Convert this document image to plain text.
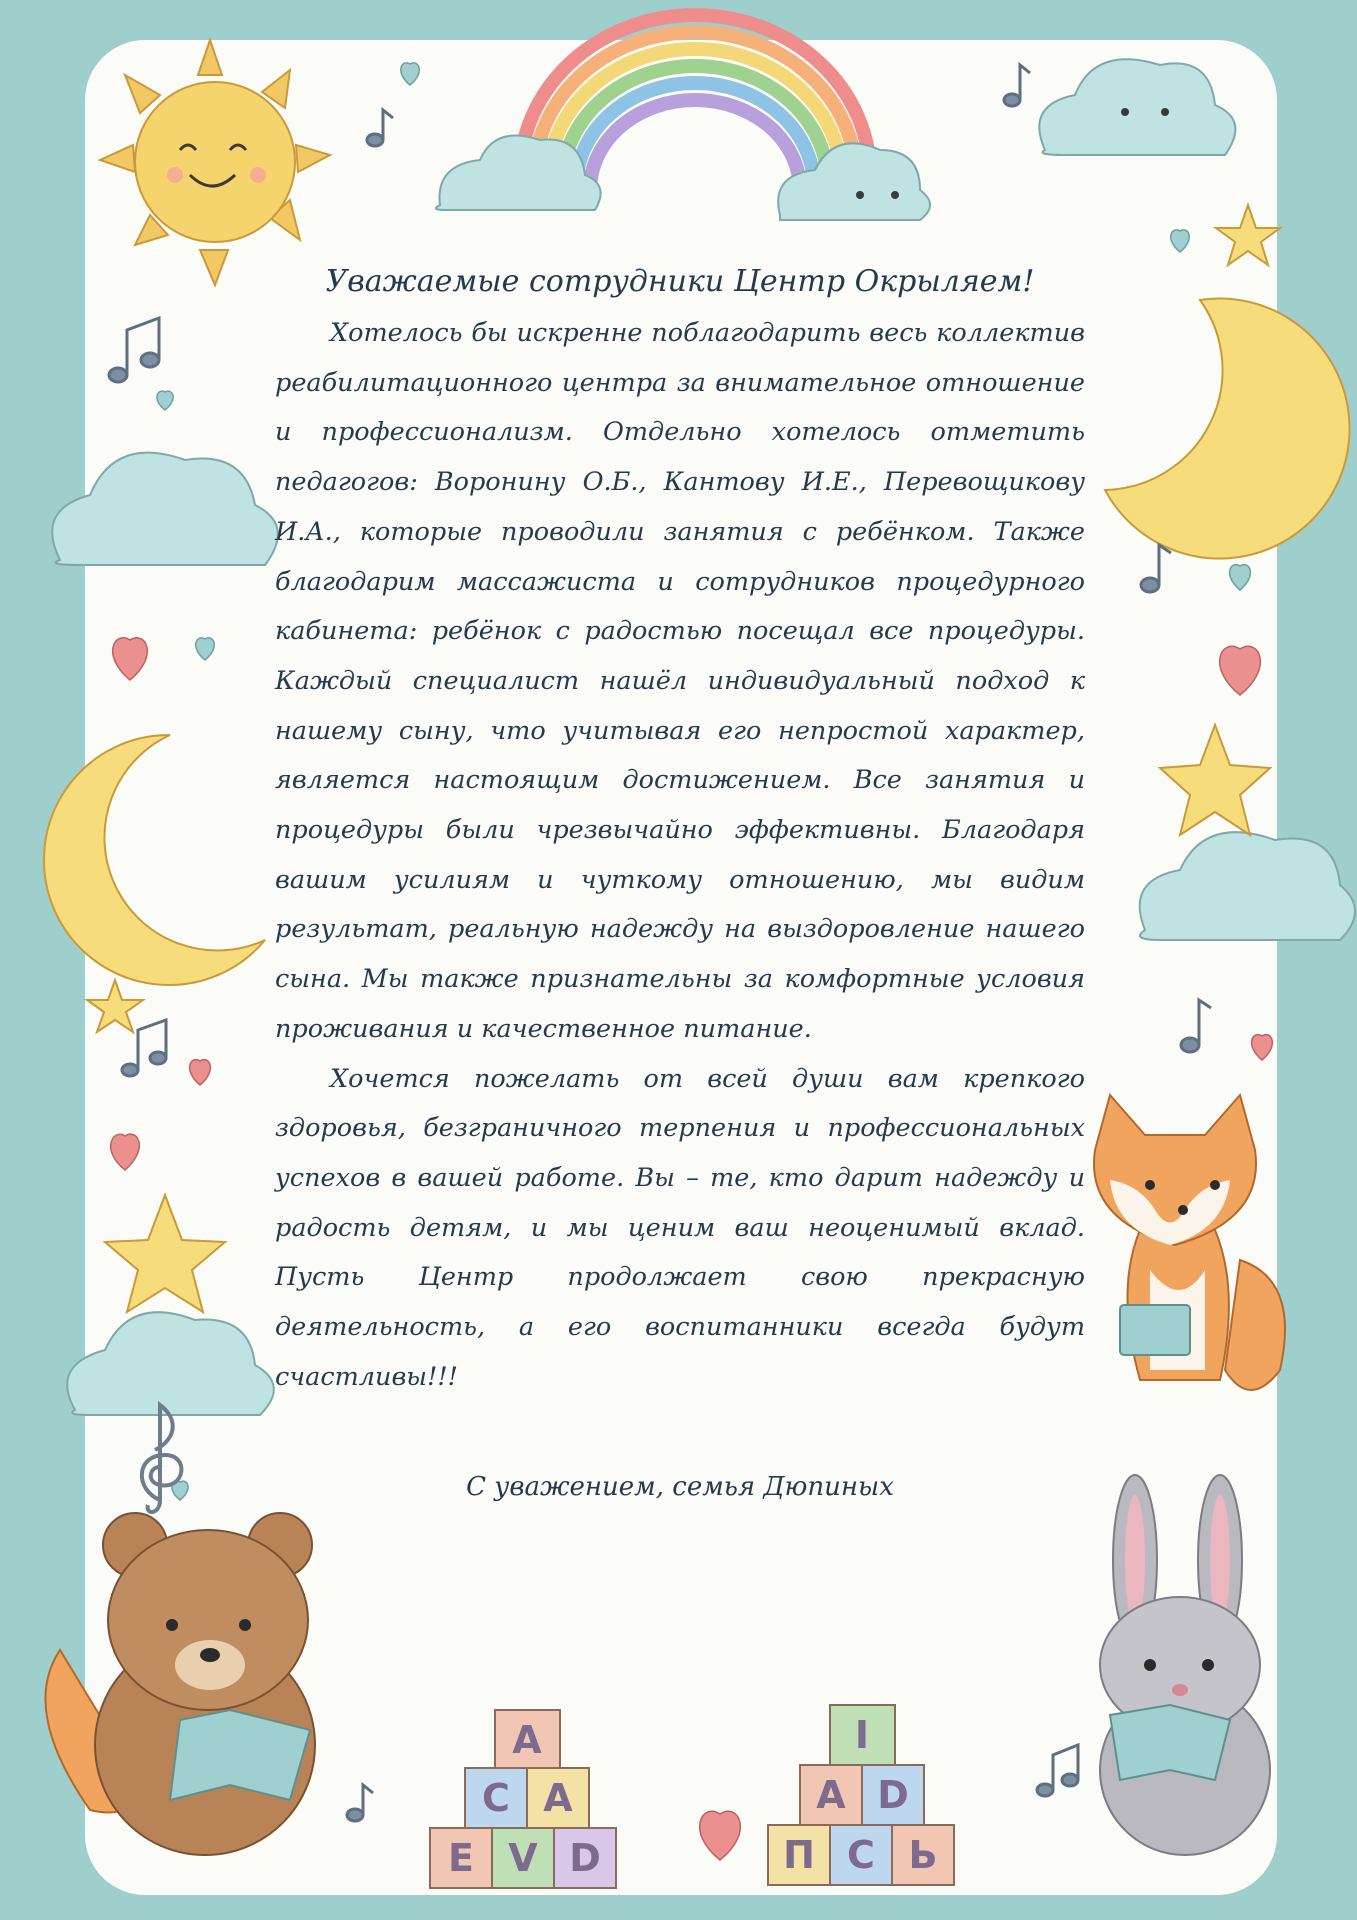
A
C A
E V D
I
A D
П С Ь
Уважаемые сотрудники Центр Окрыляем!

Хотелось бы искренне поблагодарить весь коллектив реабилитационного центра за внимательное отношение и профессионализм. Отдельно хотелось отметить педагогов: Воронину О.Б., Кантову И.Е., Перевощикову И.А., которые проводили занятия с ребёнком. Также благодарим массажиста и сотрудников процедурного кабинета: ребёнок с радостью посещал все процедуры. Каждый специалист нашёл индивидуальный подход к нашему сыну, что учитывая его непростой характер, является настоящим достижением. Все занятия и процедуры были чрезвычайно эффективны. Благодаря вашим усилиям и чуткому отношению, мы видим результат, реальную надежду на выздоровление нашего сына. Мы также признательны за комфортные условия проживания и качественное питание.

Хочется пожелать от всей души вам крепкого здоровья, безграничного терпения и профессиональных успехов в вашей работе. Вы – те, кто дарит надежду и радость детям, и мы ценим ваш неоценимый вклад. Пусть Центр продолжает свою прекрасную деятельность, а его воспитанники всегда будут счастливы!!!

С уважением, семья Дюпиных
